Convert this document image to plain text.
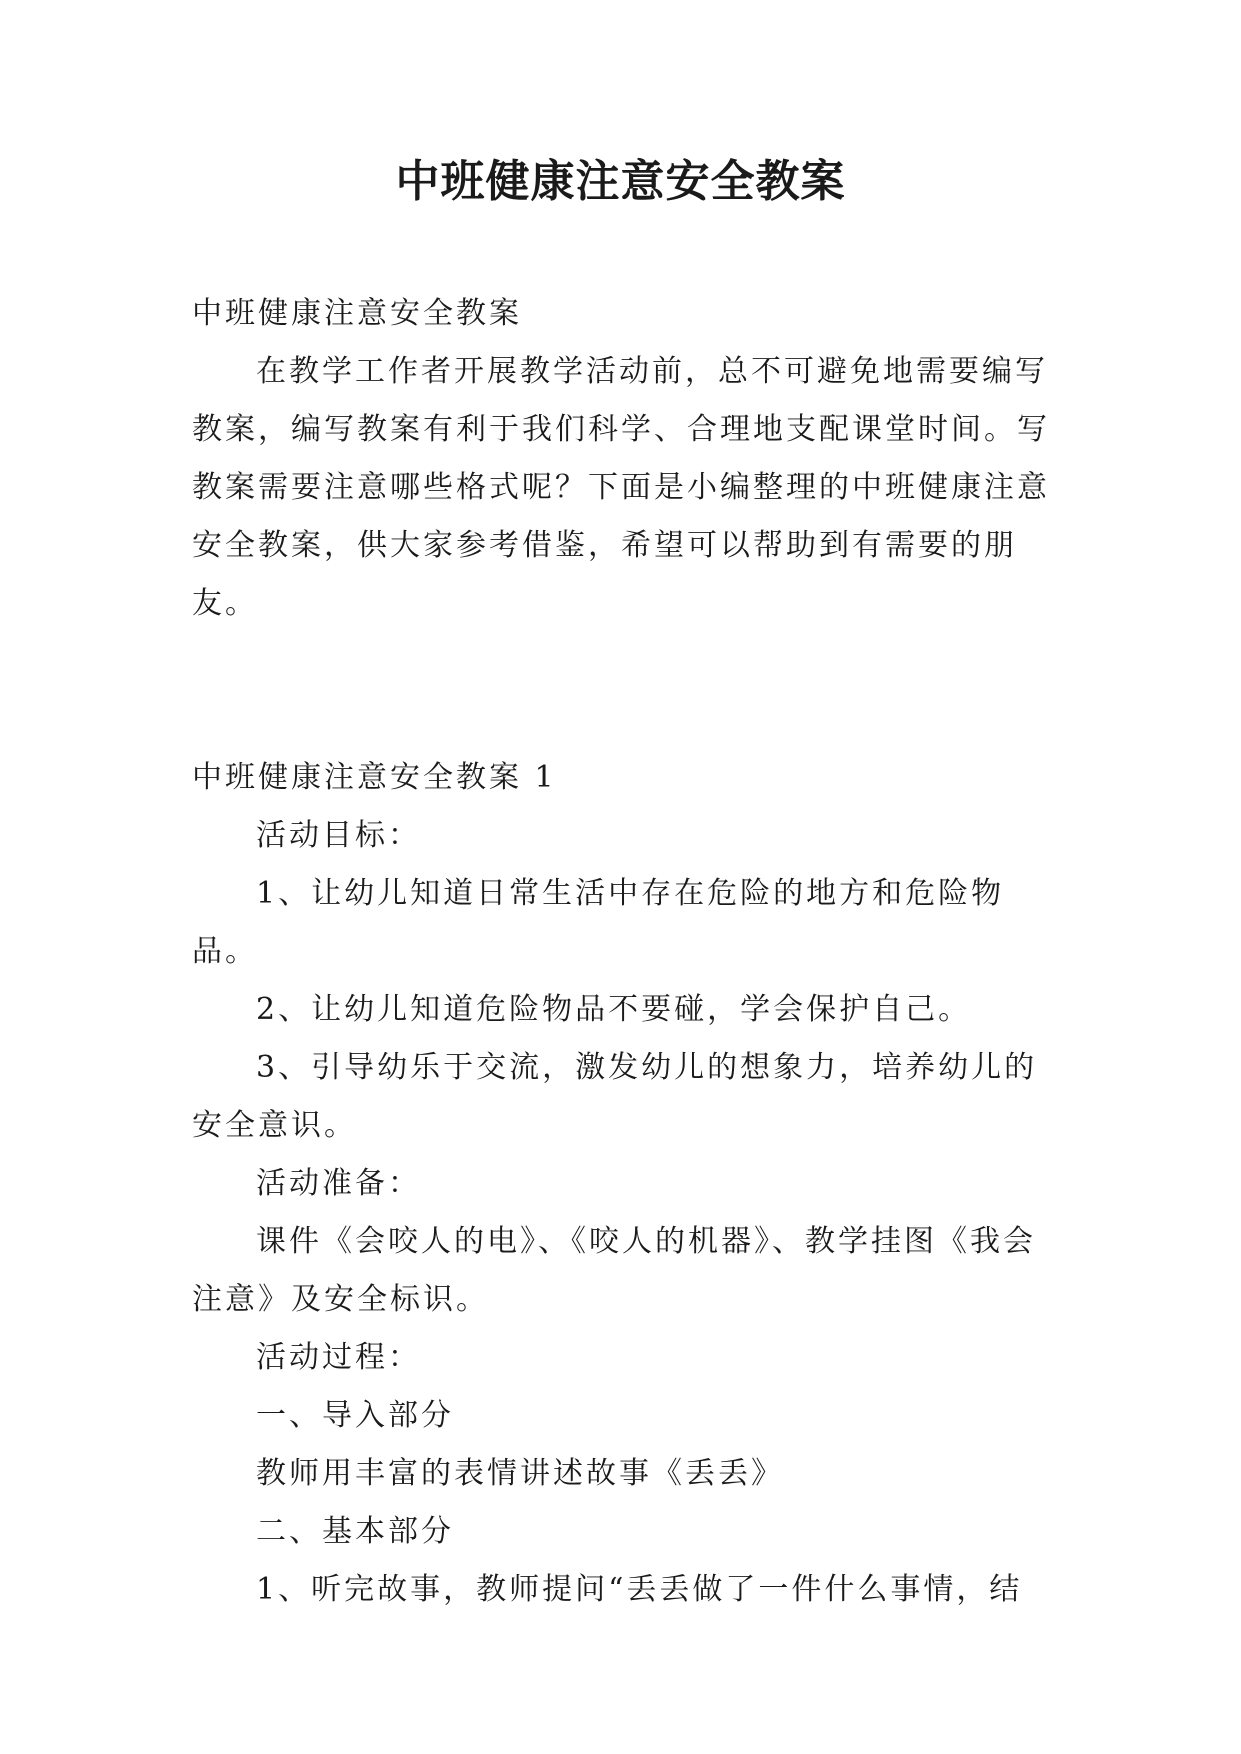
中班健康注意安全教案

中班健康注意安全教案

在教学工作者开展教学活动前，总不可避免地需要编写教案，编写教案有利于我们科学、合理地支配课堂时间。写教案需要注意哪些格式呢？下面是小编整理的中班健康注意安全教案，供大家参考借鉴，希望可以帮助到有需要的朋友。

中班健康注意安全教案 1

活动目标：

1、让幼儿知道日常生活中存在危险的地方和危险物品。

2、让幼儿知道危险物品不要碰，学会保护自己。

3、引导幼乐于交流，激发幼儿的想象力，培养幼儿的安全意识。

活动准备：

课件《会咬人的电》、《咬人的机器》、教学挂图《我会注意》及安全标识。

活动过程：

一、导入部分

教师用丰富的表情讲述故事《丢丢》

二、基本部分

1、听完故事，教师提问“丢丢做了一件什么事情，结
